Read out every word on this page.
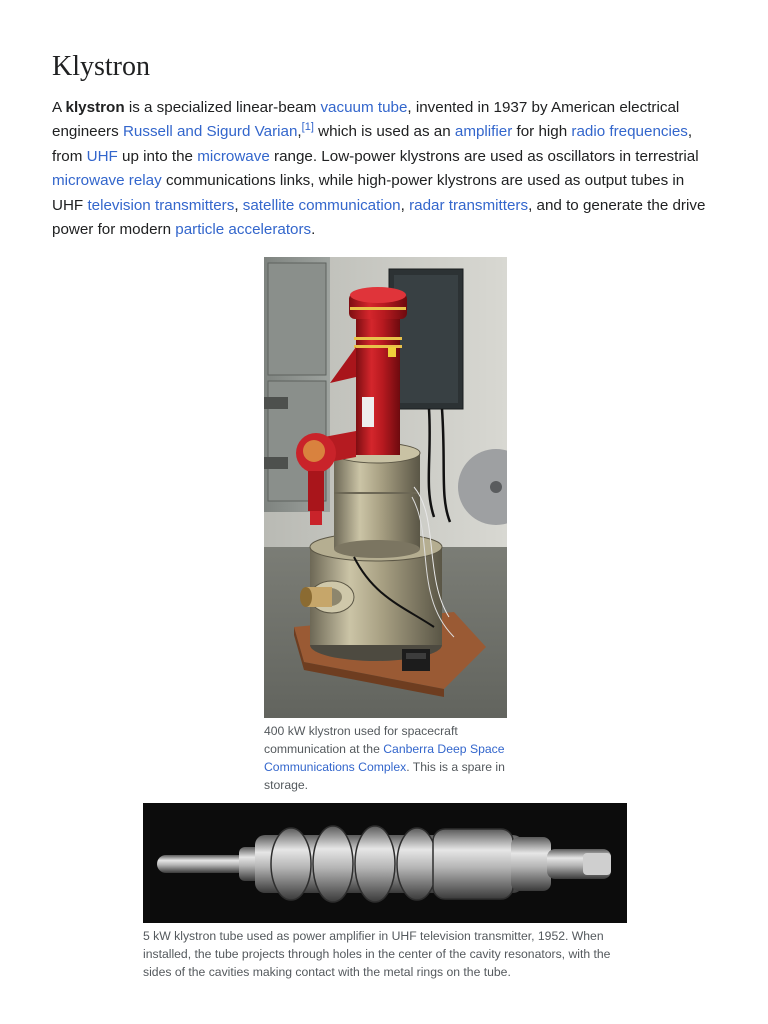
Klystron

A klystron is a specialized linear-beam vacuum tube, invented in 1937 by American electrical engineers Russell and Sigurd Varian,[1] which is used as an amplifier for high radio frequencies, from UHF up into the microwave range. Low-power klystrons are used as oscillators in terrestrial microwave relay communications links, while high-power klystrons are used as output tubes in UHF television transmitters, satellite communication, radar transmitters, and to generate the drive power for modern particle accelerators.

400 kW klystron used for spacecraft communication at the Canberra Deep Space Communications Complex. This is a spare in storage.
5 kW klystron tube used as power amplifier in UHF television transmitter, 1952. When installed, the tube projects through holes in the center of the cavity resonators, with the sides of the cavities making contact with the metal rings on the tube.
